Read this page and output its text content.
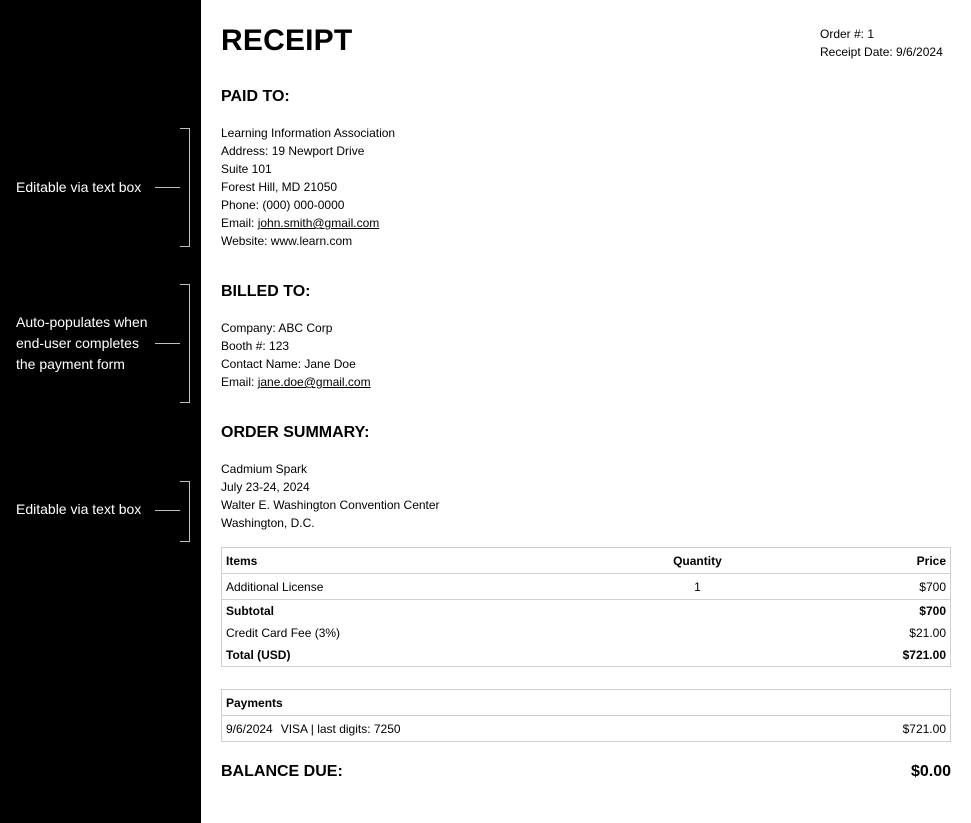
Editable via text box
Auto-populates when
end-user completes
the payment form
Editable via text box
RECEIPT	Order #: 1
Receipt Date: 9/6/2024
PAID TO:
Learning Information Association
Address: 19 Newport Drive
Suite 101
Forest Hill, MD 21050
Phone: (000) 000-0000
Email: john.smith@gmail.com
Website: www.learn.com
BILLED TO:
Company: ABC Corp
Booth #: 123
Contact Name: Jane Doe
Email: jane.doe@gmail.com
ORDER SUMMARY:
Cadmium Spark
July 23-24, 2024
Walter E. Washington Convention Center
Washington, D.C.
Items	Quantity	Price
Additional License	1	$700
Subtotal		$700
Credit Card Fee (3%)		$21.00
Total (USD)		$721.00
Payments
9/6/2024 VISA | last digits: 7250	$721.00
BALANCE DUE:	$0.00
